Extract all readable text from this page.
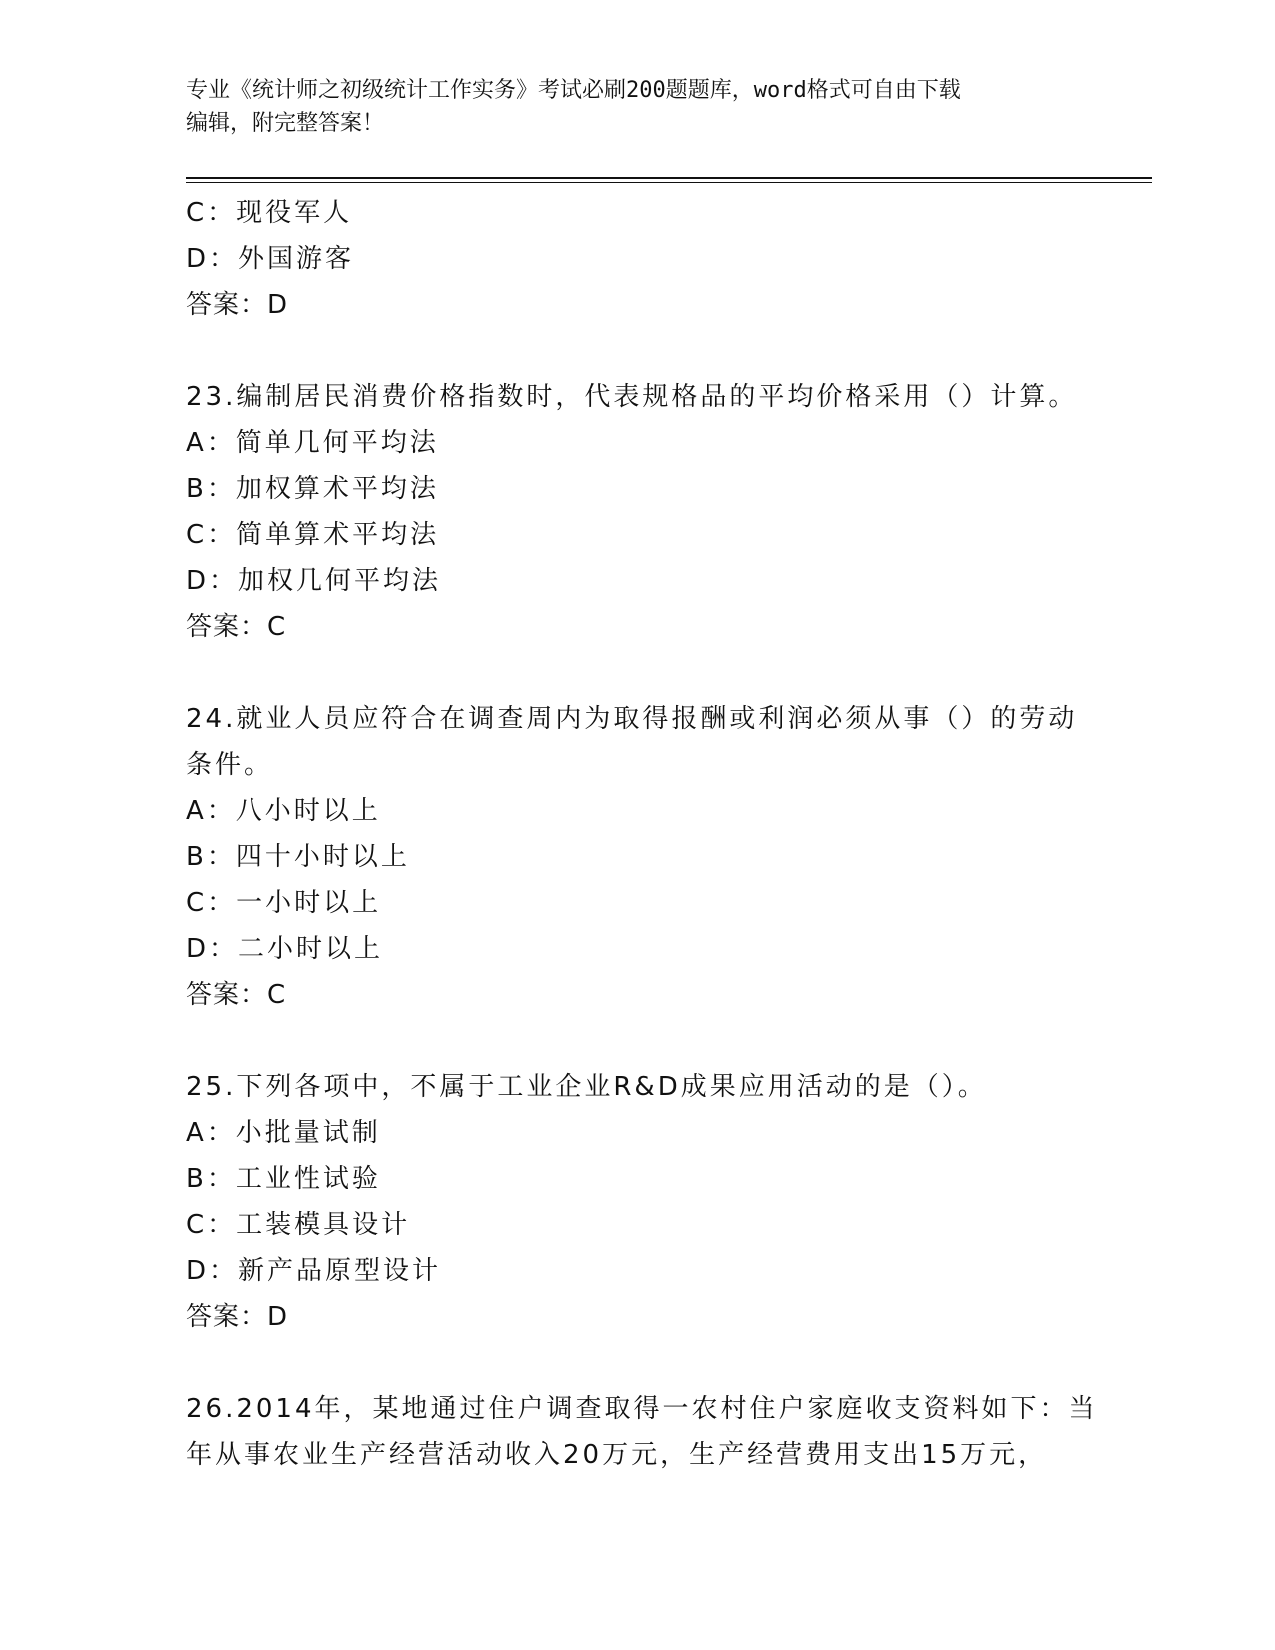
专业《统计师之初级统计工作实务》考试必刷200题题库，word格式可自由下载
编辑，附完整答案！
C：现役军人
D：外国游客
答案：D
23.编制居民消费价格指数时，代表规格品的平均价格采用（）计算。
A：简单几何平均法
B：加权算术平均法
C：简单算术平均法
D：加权几何平均法
答案：C
24.就业人员应符合在调查周内为取得报酬或利润必须从事（）的劳动
条件。
A：八小时以上
B：四十小时以上
C：一小时以上
D：二小时以上
答案：C
25.下列各项中，不属于工业企业R&D成果应用活动的是（）。
A：小批量试制
B：工业性试验
C：工装模具设计
D：新产品原型设计
答案：D
26.2014年，某地通过住户调查取得一农村住户家庭收支资料如下：当
年从事农业生产经营活动收入20万元，生产经营费用支出15万元，
